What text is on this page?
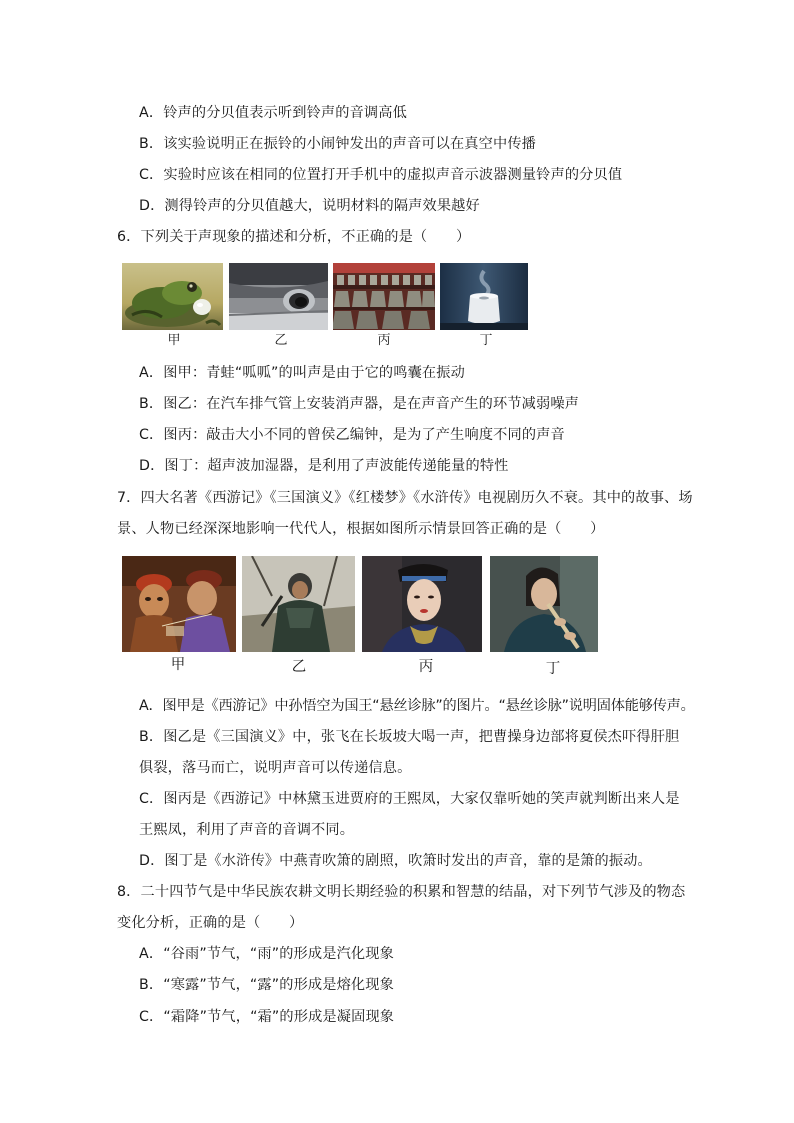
A．铃声的分贝值表示听到铃声的音调高低
B．该实验说明正在振铃的小闹钟发出的声音可以在真空中传播
C．实验时应该在相同的位置打开手机中的虚拟声音示波器测量铃声的分贝值
D．测得铃声的分贝值越大，说明材料的隔声效果越好
6．下列关于声现象的描述和分析，不正确的是（　　）
甲	乙	丙	丁
A．图甲：青蛙“呱呱”的叫声是由于它的鸣囊在振动
B．图乙：在汽车排气管上安装消声器，是在声音产生的环节减弱噪声
C．图丙：敲击大小不同的曾侯乙编钟，是为了产生响度不同的声音
D．图丁：超声波加湿器，是利用了声波能传递能量的特性
7．四大名著《西游记》《三国演义》《红楼梦》《水浒传》电视剧历久不衰。其中的故事、场
景、人物已经深深地影响一代代人，根据如图所示情景回答正确的是（　　）
甲	乙	丙	丁
A．图甲是《西游记》中孙悟空为国王“悬丝诊脉”的图片。“悬丝诊脉”说明固体能够传声。
B．图乙是《三国演义》中，张飞在长坂坡大喝一声，把曹操身边部将夏侯杰吓得肝胆
俱裂，落马而亡，说明声音可以传递信息。
C．图丙是《西游记》中林黛玉进贾府的王熙凤，大家仅靠听她的笑声就判断出来人是
王熙凤，利用了声音的音调不同。
D．图丁是《水浒传》中燕青吹箫的剧照，吹箫时发出的声音，靠的是箫的振动。
8．二十四节气是中华民族农耕文明长期经验的积累和智慧的结晶，对下列节气涉及的物态
变化分析，正确的是（　　）
A．“谷雨”节气，“雨”的形成是汽化现象
B．“寒露”节气，“露”的形成是熔化现象
C．“霜降”节气，“霜”的形成是凝固现象
